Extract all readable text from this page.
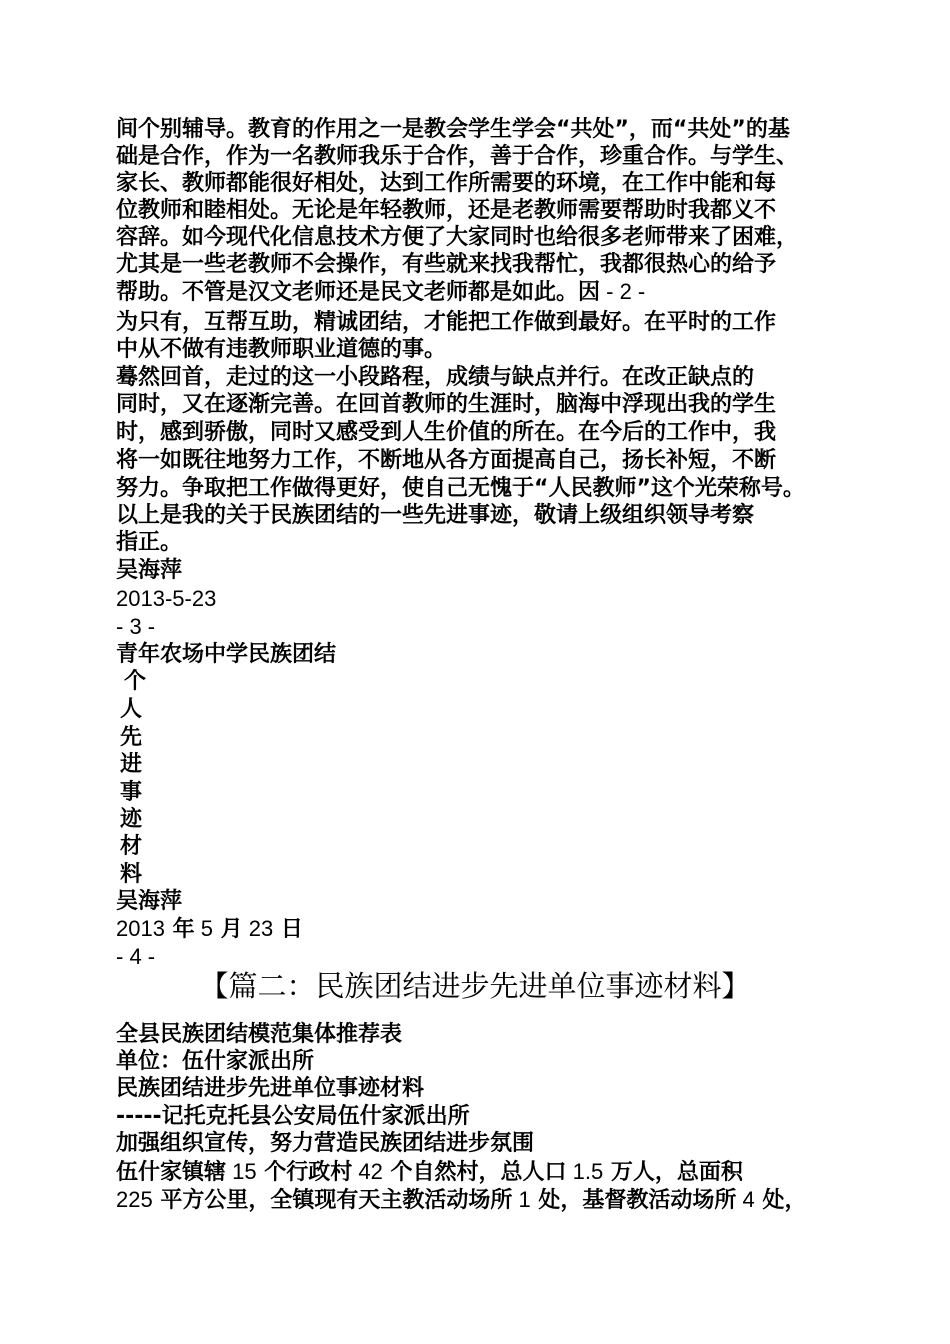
间个别辅导。教育的作用之一是教会学生学会“共处”，而“共处”的基

础是合作，作为一名教师我乐于合作，善于合作，珍重合作。与学生、

家长、教师都能很好相处，达到工作所需要的环境，在工作中能和每

位教师和睦相处。无论是年轻教师，还是老教师需要帮助时我都义不

容辞。如今现代化信息技术方便了大家同时也给很多老师带来了困难，

尤其是一些老教师不会操作，有些就来找我帮忙，我都很热心的给予

帮助。不管是汉文老师还是民文老师都是如此。因 - 2 -

为只有，互帮互助，精诚团结，才能把工作做到最好。在平时的工作

中从不做有违教师职业道德的事。

蓦然回首，走过的这一小段路程，成绩与缺点并行。在改正缺点的

同时，又在逐渐完善。在回首教师的生涯时，脑海中浮现出我的学生

时，感到骄傲，同时又感受到人生价值的所在。在今后的工作中，我

将一如既往地努力工作，不断地从各方面提高自己，扬长补短，不断

努力。争取把工作做得更好，使自己无愧于“人民教师”这个光荣称号。

以上是我的关于民族团结的一些先进事迹，敬请上级组织领导考察

指正。

吴海萍

2013-5-23

- 3 -

青年农场中学民族团结

个

人

先

进

事

迹

材

料

吴海萍

2013 年 5 月 23 日

- 4 -

【篇二：民族团结进步先进单位事迹材料】

全县民族团结模范集体推荐表

单位：伍什家派出所

民族团结进步先进单位事迹材料

-----记托克托县公安局伍什家派出所

加强组织宣传，努力营造民族团结进步氛围

伍什家镇辖 15 个行政村 42 个自然村，总人口 1.5 万人，总面积

225 平方公里，全镇现有天主教活动场所 1 处，基督教活动场所 4 处，
